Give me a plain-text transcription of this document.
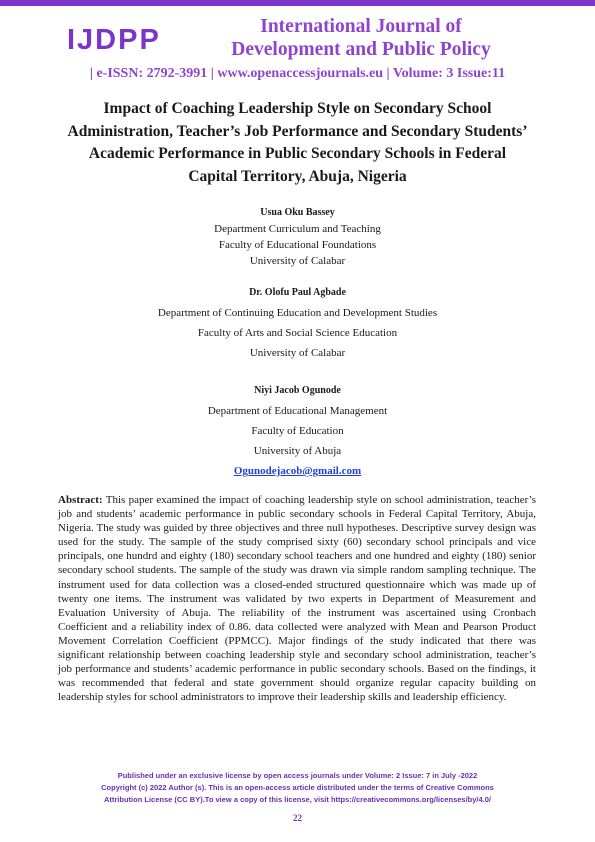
IJDPP	International Journal of
Development and Public Policy
| e-ISSN: 2792-3991 | www.openaccessjournals.eu | Volume: 3 Issue:11
Impact of Coaching Leadership Style on Secondary School
Administration, Teacher’s Job Performance and Secondary Students’
Academic Performance in Public Secondary Schools in Federal
Capital Territory, Abuja, Nigeria
Usua Oku Bassey
Department Curriculum and Teaching
Faculty of Educational Foundations
University of Calabar
Dr. Olofu Paul Agbade
Department of Continuing Education and Development Studies
Faculty of Arts and Social Science Education
University of Calabar
Niyi Jacob Ogunode
Department of Educational Management
Faculty of Education
University of Abuja
Ogunodejacob@gmail.com
Abstract: This paper examined the impact of coaching leadership style on school administration, teacher’s job and students’ academic performance in public secondary schools in Federal Capital Territory, Abuja, Nigeria. The study was guided by three objectives and three null hypotheses. Descriptive survey design was used for the study. The sample of the study comprised sixty (60) secondary school principals and vice principals, one hundrd and eighty (180) secondary school teachers and one hundred and eighty (180) senior secondary school students. The sample of the study was drawn via simple random sampling technique. The instrument used for data collection was a closed-ended structured questionnaire which was made up of twenty one items. The instrument was validated by two experts in Department of Measurement and Evaluation University of Abuja. The reliability of the instrument was ascertained using Cronbach Coefficient and a reliability index of 0.86. data collected were analyzed with Mean and Pearson Product Movement Correlation Coefficient (PPMCC). Major findings of the study indicated that there was significant relationship between coaching leadership style and secondary school administration, teacher’s job performance and students’ academic performance in public secondary schools. Based on the findings, it was recommended that federal and state government should organize regular capacity building on leadership styles for school administrators to improve their leadership skills and leadership efficiency.
Published under an exclusive license by open access journals under Volume: 2 Issue: 7 in July -2022
Copyright (c) 2022 Author (s). This is an open-access article distributed under the terms of Creative Commons
Attribution License (CC BY).To view a copy of this license, visit https://creativecommons.org/licenses/by/4.0/
22
